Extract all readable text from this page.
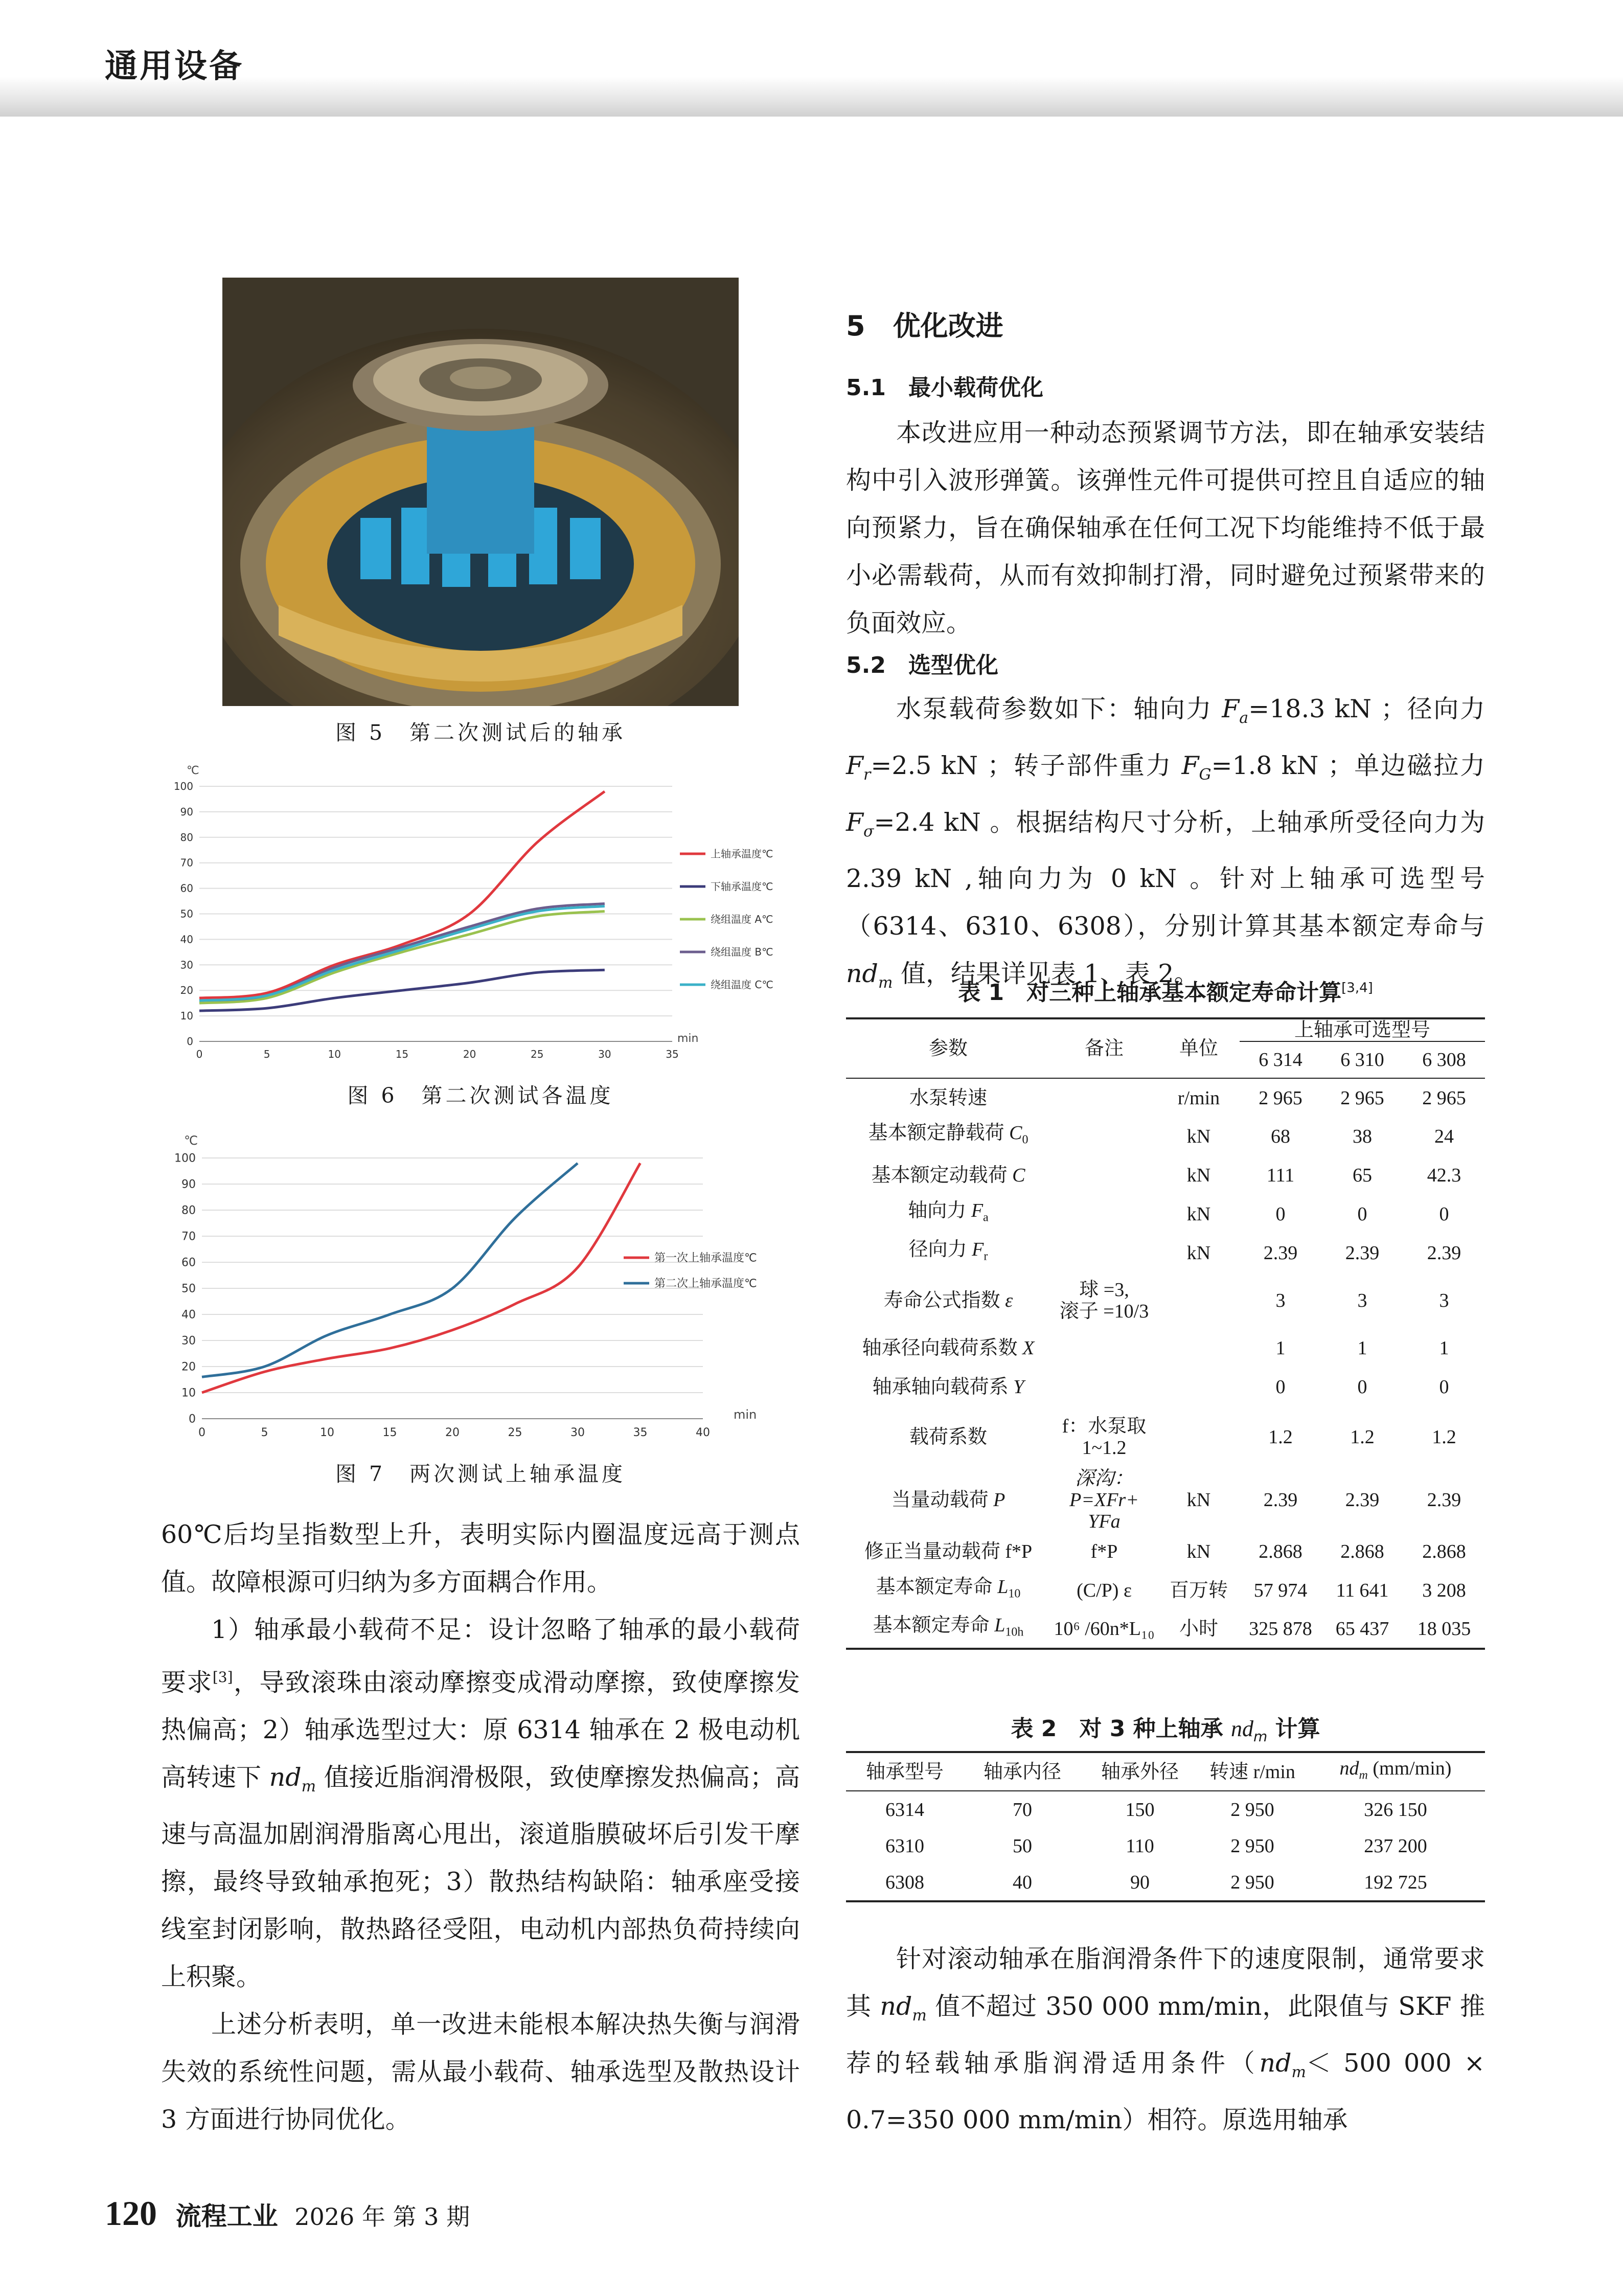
通用设备
图 5　第二次测试后的轴承
0
10
20
30
40
50
60
70
80
90
100
0	5	10	15	20	25	30	35
℃
min
上轴承温度℃
下轴承温度℃
绕组温度 A℃
绕组温度 B℃
绕组温度 C℃
图 6　第二次测试各温度
0
10
20
30
40
50
60
70
80
90
100
0	5	10	15	20	25	30	35	40
℃
min
第一次上轴承温度℃
第二次上轴承温度℃
图 7　两次测试上轴承温度

60℃后均呈指数型上升，表明实际内圈温度远高于测点值。故障根源可归纳为多方面耦合作用。

1）轴承最小载荷不足：设计忽略了轴承的最小载荷要求[3]，导致滚珠由滚动摩擦变成滑动摩擦，致使摩擦发热偏高；2）轴承选型过大：原 6314 轴承在 2 极电动机高转速下 $nd_m$ 值接近脂润滑极限，致使摩擦发热偏高；高速与高温加剧润滑脂离心甩出，滚道脂膜破坏后引发干摩擦，最终导致轴承抱死；3）散热结构缺陷：轴承座受接线室封闭影响，散热路径受阻，电动机内部热负荷持续向上积聚。

上述分析表明，单一改进未能根本解决热失衡与润滑失效的系统性问题，需从最小载荷、轴承选型及散热设计 3 方面进行协同优化。

5　优化改进
5.1　最小载荷优化

本改进应用一种动态预紧调节方法，即在轴承安装结构中引入波形弹簧。该弹性元件可提供可控且自适应的轴向预紧力，旨在确保轴承在任何工况下均能维持不低于最小必需载荷，从而有效抑制打滑，同时避免过预紧带来的负面效应。

5.2　选型优化

水泵载荷参数如下：轴向力 $F_a=18.3$ kN ；径向力 $F_r=2.5$ kN ；转子部件重力 $F_G=1.8$ kN ；单边磁拉力 $F_\sigma=2.4$ kN 。根据结构尺寸分析，上轴承所受径向力为 2.39 kN ,轴向力为 0 kN 。针对上轴承可选型号（6314、6310、6308），分别计算其基本额定寿命与 $nd_m$ 值，结果详见表 1、表 2。

表 1　对三种上轴承基本额定寿命计算[3,4]
参数	备注	单位	上轴承可选型号		
			6 314	6 310	6 308
水泵转速		r/min	2 965	2 965	2 965
基本额定静载荷 $C_0$		kN	68	38	24
基本额定动载荷 C		kN	111	65	42.3
轴向力 $F_a$		kN	0	0	0
径向力 $F_r$		kN	2.39	2.39	2.39
寿命公式指数 ε	球 =3,
滚子 =10/3		3	3	3
轴承径向载荷系数 X			1	1	1
轴承轴向载荷系 Y			0	0	0
载荷系数	f：水泵取
1~1.2		1.2	1.2	1.2
当量动载荷 P	深沟：P=XFr+
YFa	kN	2.39	2.39	2.39
修正当量动载荷 f*P	f*P	kN	2.868	2.868	2.868
基本额定寿命 $L_{10}$	(C/P) ε	百万转	57 974	11 641	3 208
基本额定寿命 $L_{10h}$	10⁶ /60n*L₁₀	小时	325 878	65 437	18 035
表 2　对 3 种上轴承 $nd_m$ 计算
轴承型号	轴承内径	轴承外径	转速 r/min	$nd_m$ (mm/min)
6314	70	150	2 950	326 150
6310	50	110	2 950	237 200
6308	40	90	2 950	192 725

针对滚动轴承在脂润滑条件下的速度限制，通常要求其 $nd_m$ 值不超过 350 000 mm/min，此限值与 SKF 推荐的轻载轴承脂润滑适用条件（$nd_m< 500$ 000 × 0.7=350 000 mm/min）相符。原选用轴承

120 流程工业 2026 年 第 3 期
